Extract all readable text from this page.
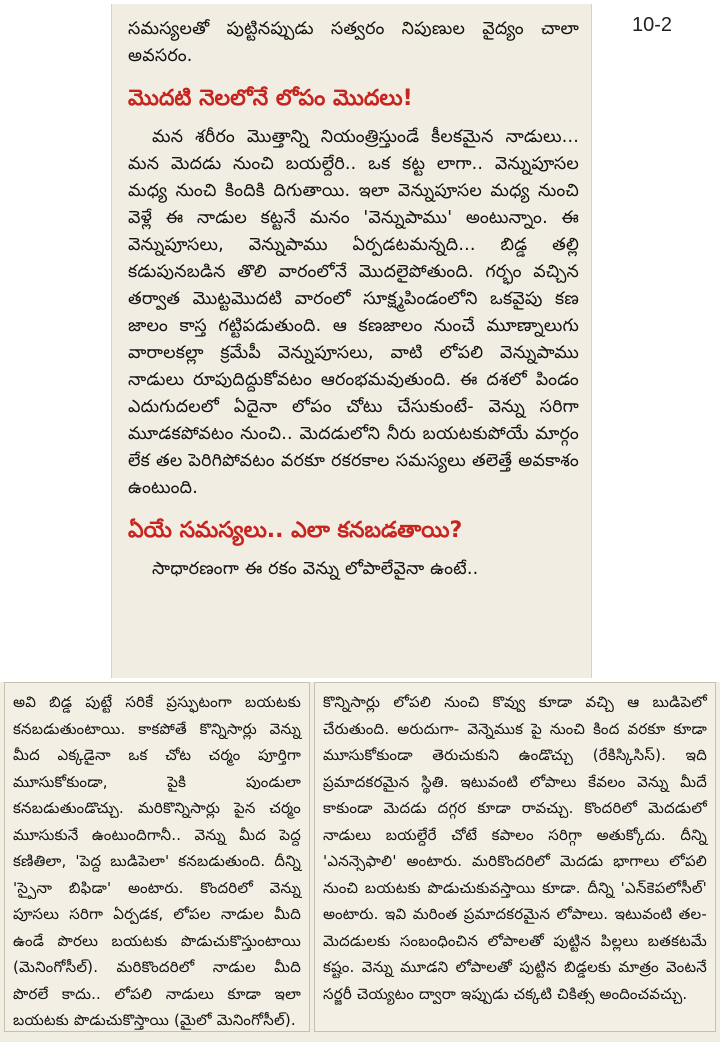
10-2

సమస్యలతో పుట్టినప్పుడు సత్వరం నిపుణుల వైద్యం చాలా అవసరం.

మొదటి నెలలోనే లోపం మొదలు!

మన శరీరం మొత్తాన్ని నియంత్రిస్తుండే కీలకమైన నాడులు... మన మెదడు నుంచి బయల్దేరి.. ఒక కట్ట లాగా.. వెన్నుపూసల మధ్య నుంచి కిందికి దిగుతాయి. ఇలా వెన్నుపూసల మధ్య నుంచి వెళ్లే ఈ నాడుల కట్టనే మనం 'వెన్నుపాము' అంటున్నాం. ఈ వెన్నుపూసలు, వెన్నుపాము ఏర్పడటమన్నది... బిడ్డ తల్లి కడుపునబడిన తొలి వారంలోనే మొదలైపోతుంది. గర్భం వచ్చిన తర్వాత మొట్టమొదటి వారంలో సూక్ష్మపిండంలోని ఒకవైపు కణ జాలం కాస్త గట్టిపడుతుంది. ఆ కణజాలం నుంచే మూణ్నాలుగు వారాలకల్లా క్రమేపీ వెన్నుపూసలు, వాటి లోపలి వెన్నుపాము నాడులు రూపుదిద్దుకోవటం ఆరంభమవుతుంది. ఈ దశలో పిండం ఎదుగుదలలో ఏదైనా లోపం చోటు చేసుకుంటే- వెన్ను సరిగా మూడకపోవటం నుంచి.. మెదడులోని నీరు బయటకుపోయే మార్గం లేక తల పెరిగిపోవటం వరకూ రకరకాల సమస్యలు తలెత్తే అవకాశం ఉంటుంది.

ఏయే సమస్యలు.. ఎలా కనబడతాయి?

సాధారణంగా ఈ రకం వెన్ను లోపాలేవైనా ఉంటే..

అవి బిడ్డ పుట్టే సరికే ప్రస్ఫుటంగా బయటకు కనబడుతుంటాయి. కాకపోతే కొన్నిసార్లు వెన్ను మీద ఎక్కడైనా ఒక చోట చర్మం పూర్తిగా మూసుకోకుండా, పైకి పుండులా కనబడుతుండొచ్చు. మరికొన్నిసార్లు పైన చర్మం మూసుకునే ఉంటుందిగానీ.. వెన్ను మీద పెద్ద కణితిలా, 'పెద్ద బుడిపెలా' కనబడుతుంది. దీన్ని 'స్పైనా బిఫిడా' అంటారు. కొందరిలో వెన్ను పూసలు సరిగా ఏర్పడక, లోపల నాడుల మీది ఉండే పొరలు బయటకు పొడుచుకొస్తుంటాయి (మెనింగోసీల్). మరికొందరిలో నాడుల మీది పొరలే కాదు.. లోపలి నాడులు కూడా ఇలా బయటకు పొడుచుకొస్తాయి (మైలో మెనింగోసీల్).

కొన్నిసార్లు లోపలి నుంచి కొవ్వు కూడా వచ్చి ఆ బుడిపెలో చేరుతుంది. అరుదుగా- వెన్నెముక పై నుంచి కింద వరకూ కూడా మూసుకోకుండా తెరుచుకుని ఉండొచ్చు (రేకిస్కిసిస్). ఇది ప్రమాదకరమైన స్థితి. ఇటువంటి లోపాలు కేవలం వెన్ను మీదే కాకుండా మెదడు దగ్గర కూడా రావచ్చు. కొందరిలో మెదడులో నాడులు బయల్దేరే చోటే కపాలం సరిగ్గా అతుక్కోదు. దీన్ని 'ఎనన్సెఫాలి' అంటారు. మరికొందరిలో మెదడు భాగాలు లోపలి నుంచి బయటకు పొడుచుకువస్తాయి కూడా. దీన్ని 'ఎన్‌కెపలోసీల్' అంటారు. ఇవి మరింత ప్రమాదకరమైన లోపాలు. ఇటువంటి తల-మెదడులకు సంబంధించిన లోపాలతో పుట్టిన పిల్లలు బతకటమే కష్టం. వెన్ను మూడని లోపాలతో పుట్టిన బిడ్డలకు మాత్రం వెంటనే సర్జరీ చెయ్యటం ద్వారా ఇప్పుడు చక్కటి చికిత్స అందించవచ్చు.
